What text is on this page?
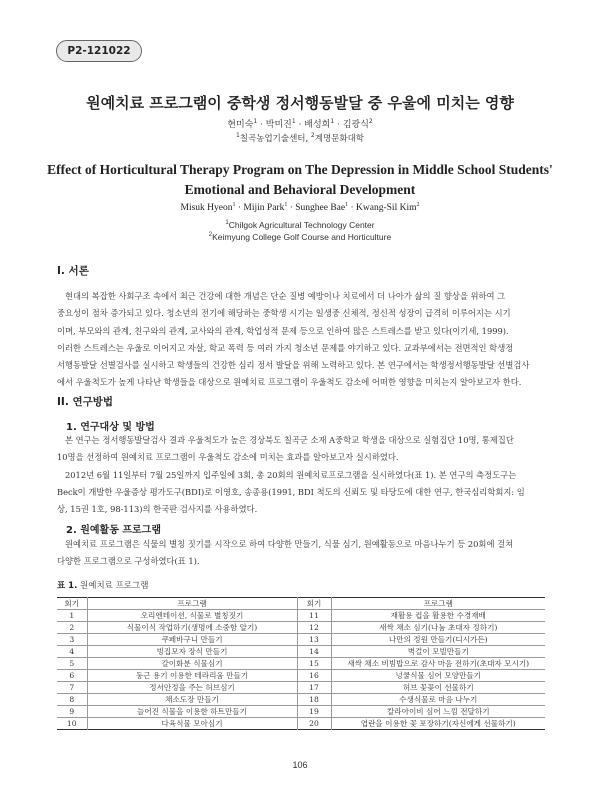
P2-121022
원예치료 프로그램이 중학생 정서행동발달 중 우울에 미치는 영향
현미숙$^1$ · 박미진$^1$ · 배성희$^1$ · 김광식$^2$
$^1$칠곡농업기술센터, $^2$계명문화대학
Effect of Horticultural Therapy Program on The Depression in Middle School Students'
Emotional and Behavioral Development
Misuk Hyeon$^1$ · Mijin Park$^1$ · Sunghee Bae$^1$ · Kwang-Sil Kim$^2$
$^1$Chilgok Agricultural Technology Center
$^2$Keimyung College Golf Course and Horticulture
I. 서론
현대의 복잡한 사회구조 속에서 최근 건강에 대한 개념은 단순 질병 예방이나 치료에서 더 나아가 삶의 질 향상을 위하여 그
중요성이 점차 증가되고 있다. 청소년의 전기에 해당하는 중학생 시기는 일생중 신체적, 정신적 성장이 급격히 이루어지는 시기
이며, 부모와의 관계, 친구와의 관계, 교사와의 관계, 학업성적 문제 등으로 인하여 많은 스트레스를 받고 있다(이기세, 1999).
이러한 스트레스는 우울로 이어지고 자살, 학교 폭력 등 여러 가지 청소년 문제를 야기하고 있다. 교과부에서는 전면적인 학생정
서행동발달 선별검사를 실시하고 학생들의 건강한 심리 정서 발달을 위해 노력하고 있다. 본 연구에서는 학생정서행동발달 선별검사
에서 우울척도가 높게 나타난 학생들을 대상으로 원예치료 프로그램이 우울척도 감소에 어떠한 영향을 미치는지 알아보고자 한다.
II. 연구방법
1. 연구대상 및 방법
본 연구는 정서행동발달검사 결과 우울척도가 높은 경상북도 칠곡군 소재 A중학교 학생을 대상으로 실험집단 10명, 통제집단
10명을 선정하여 원예치료 프로그램이 우울척도 감소에 미치는 효과를 알아보고자 실시하였다.
2012년 6월 11일부터 7월 25일까지 입주일에 3회, 총 20회의 원예치료프로그램을 실시하였다(표 1). 본 연구의 측정도구는
Beck이 개발한 우울증상 평가도구(BDI)로 이영호, 송종용(1991, BDI 척도의 신뢰도 및 타당도에 대한 연구, 한국심리학회지: 임
상, 15권 1호, 98-113)의 한국판 검사지를 사용하였다.
2. 원예활동 프로그램
원예치료 프로그램은 식물의 별칭 짓기를 시작으로 하여 다양한 만들기, 식물 심기, 원예활동으로 마음나누기 등 20회에 걸쳐
다양한 프로그램으로 구성하였다(표 1).
표 1. 원예치료 프로그램
회기	프로그램	회기	프로그램
1	오리엔테이션, 식물로 별칭짓기	11	재활용 컵을 활용한 수경재배
2	식물이식 작업하기(생명에 소중함 알기)	12	새싹 채소 심기(나눔 초대자 정하기)
3	쿠페바구니 만들기	13	나만의 정원 만들기(디시가든)
4	빙집모자 장식 만들기	14	벽걸이 모빌만들기
5	갈이화분 식물심기	15	새싹 채소 비빔밥으로 감사 마음 전하기(초대자 모시기)
6	둥근 용기 이용한 테라리움 만들기	16	넝쿨식물 심어 모양만들기
7	정서안정을 주는 허브심기	17	허브 꽃꽂이 선물하기
8	채소도장 만들기	18	수생식물로 마음 나누기
9	늘어진 식물을 이용한 하트만들기	19	칼라아이비 심어 느낌 전달하기
10	다육식물 모아심기	20	엽란을 이용한 꽃 포장하기(자신에게 선물하기)
106
